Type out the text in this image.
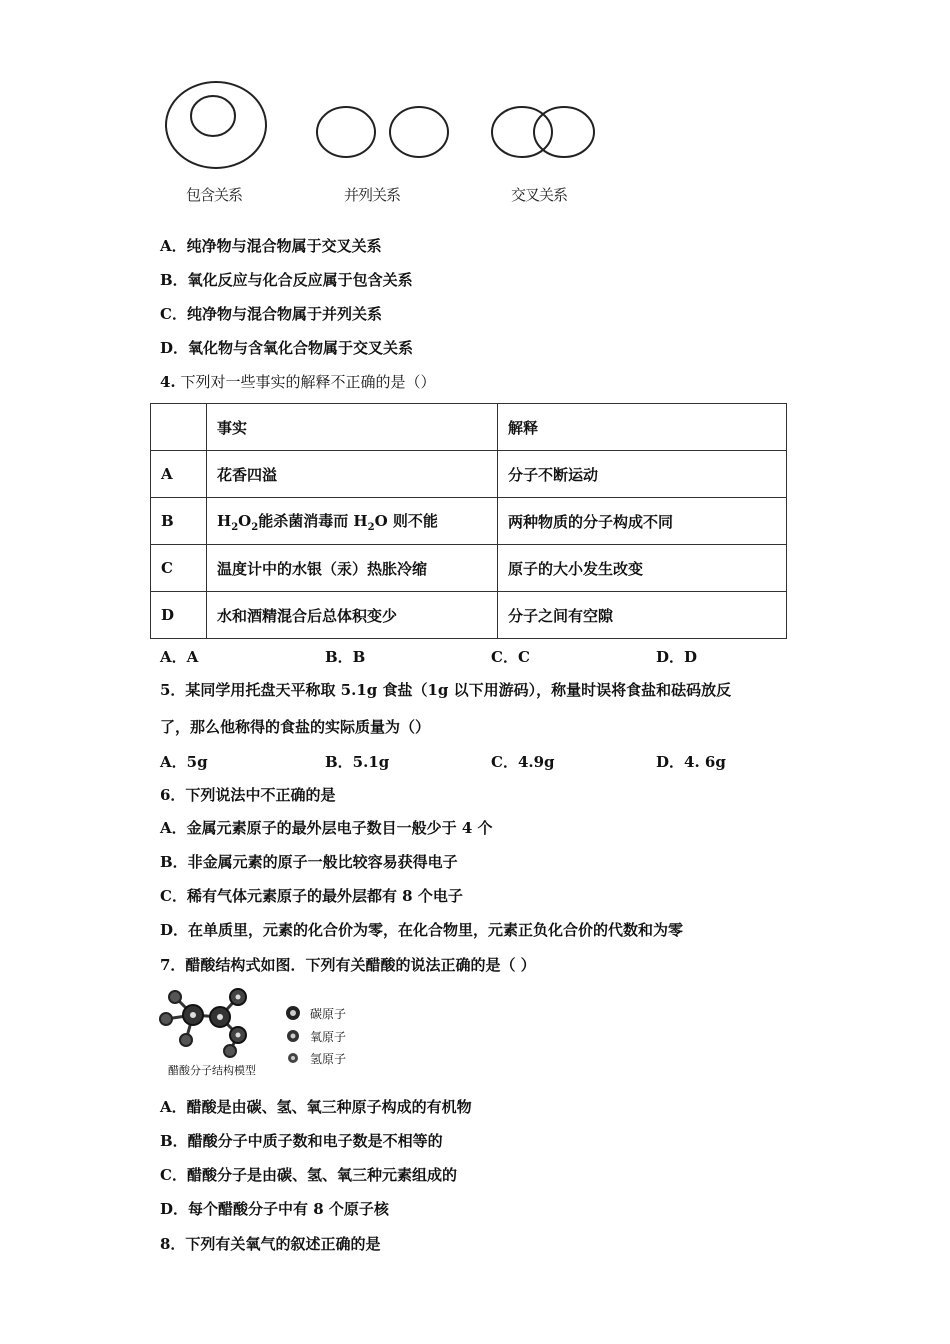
包含关系	并列关系	交叉关系
A．纯净物与混合物属于交叉关系
B．氧化反应与化合反应属于包含关系
C．纯净物与混合物属于并列关系
D．氧化物与含氧化合物属于交叉关系
4. 下列对一些事实的解释不正确的是（）
	事实	解释
A	花香四溢	分子不断运动
B	$H_2O_2$能杀菌消毒而 $H_2O$ 则不能	两种物质的分子构成不同
C	温度计中的水银（汞）热胀冷缩	原子的大小发生改变
D	水和酒精混合后总体积变少	分子之间有空隙
A．A	B．B	C．C	D．D
5．某同学用托盘天平称取 5.1g 食盐（1g 以下用游码），称量时误将食盐和砝码放反
了，那么他称得的食盐的实际质量为（）
A．5g	B．5.1g	C．4.9g	D．4. 6g
6．下列说法中不正确的是
A．金属元素原子的最外层电子数目一般少于 4 个
B．非金属元素的原子一般比较容易获得电子
C．稀有气体元素原子的最外层都有 8 个电子
D．在单质里，元素的化合价为零，在化合物里，元素正负化合价的代数和为零
7．醋酸结构式如图．下列有关醋酸的说法正确的是（ ）
碳原子
氧原子
氢原子
醋酸分子结构模型
A．醋酸是由碳、氢、氧三种原子构成的有机物
B．醋酸分子中质子数和电子数是不相等的
C．醋酸分子是由碳、氢、氧三种元素组成的
D．每个醋酸分子中有 8 个原子核
8．下列有关氧气的叙述正确的是
